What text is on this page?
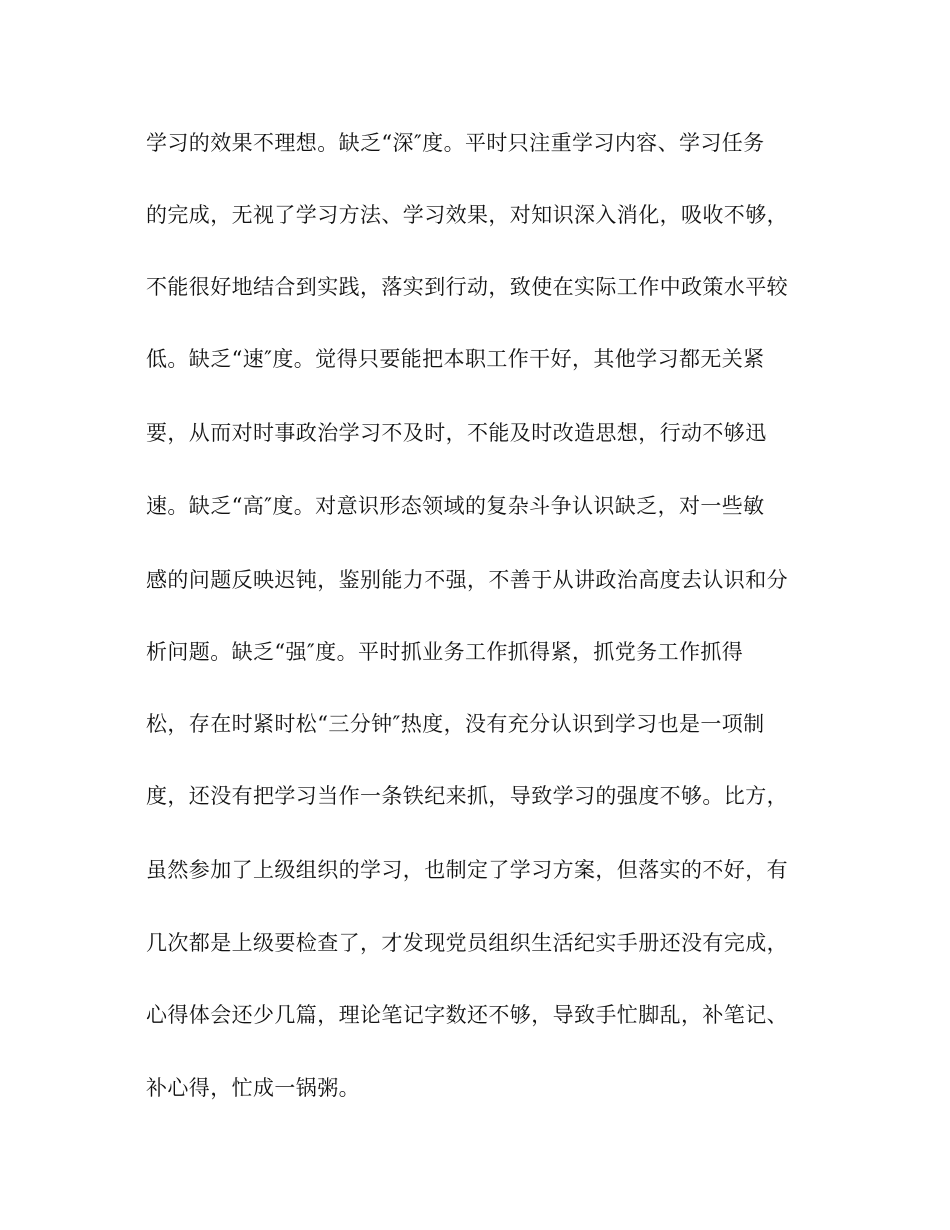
学习的效果不理想。缺乏“深″度。平时只注重学习内容、学习任务

的完成，无视了学习方法、学习效果，对知识深入消化，吸收不够，

不能很好地结合到实践，落实到行动，致使在实际工作中政策水平较

低。缺乏“速″度。觉得只要能把本职工作干好，其他学习都无关紧

要，从而对时事政治学习不及时，不能及时改造思想，行动不够迅

速。缺乏“高″度。对意识形态领域的复杂斗争认识缺乏，对一些敏

感的问题反映迟钝，鉴别能力不强，不善于从讲政治高度去认识和分

析问题。缺乏“强″度。平时抓业务工作抓得紧，抓党务工作抓得

松，存在时紧时松“三分钟″热度，没有充分认识到学习也是一项制

度，还没有把学习当作一条铁纪来抓，导致学习的强度不够。比方，

虽然参加了上级组织的学习，也制定了学习方案，但落实的不好，有

几次都是上级要检查了，才发现党员组织生活纪实手册还没有完成，

心得体会还少几篇，理论笔记字数还不够，导致手忙脚乱，补笔记、

补心得，忙成一锅粥。
